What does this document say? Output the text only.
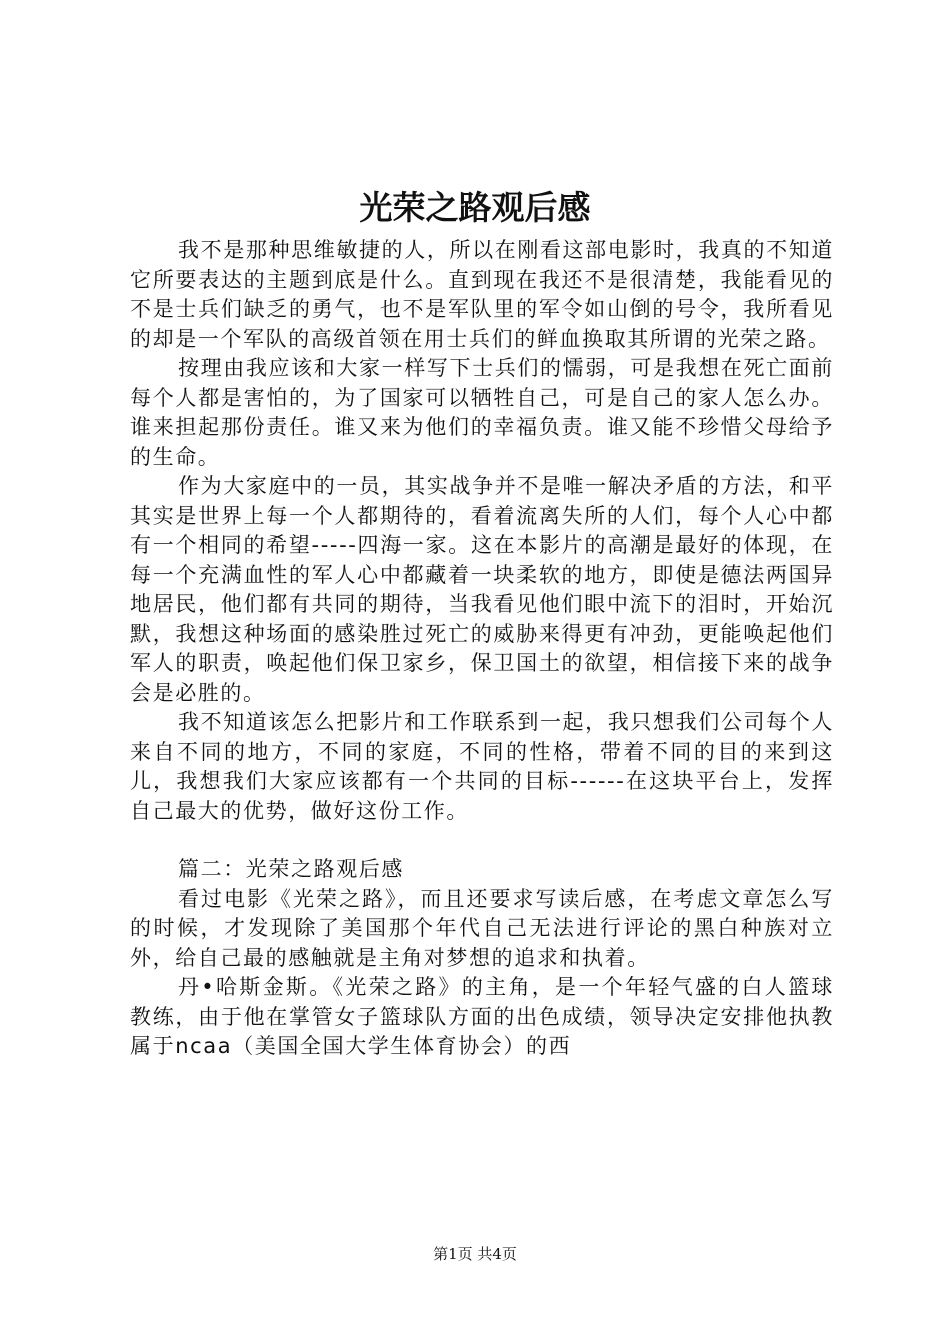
光荣之路观后感

我不是那种思维敏捷的人，所以在刚看这部电影时，我真的不知道它所要表达的主题到底是什么。直到现在我还不是很清楚，我能看见的不是士兵们缺乏的勇气，也不是军队里的军令如山倒的号令，我所看见的却是一个军队的高级首领在用士兵们的鲜血换取其所谓的光荣之路。

按理由我应该和大家一样写下士兵们的懦弱，可是我想在死亡面前每个人都是害怕的，为了国家可以牺牲自己，可是自己的家人怎么办。谁来担起那份责任。谁又来为他们的幸福负责。谁又能不珍惜父母给予的生命。

作为大家庭中的一员，其实战争并不是唯一解决矛盾的方法，和平其实是世界上每一个人都期待的，看着流离失所的人们，每个人心中都有一个相同的希望-----四海一家。这在本影片的高潮是最好的体现，在每一个充满血性的军人心中都藏着一块柔软的地方，即使是德法两国异地居民，他们都有共同的期待，当我看见他们眼中流下的泪时，开始沉默，我想这种场面的感染胜过死亡的威胁来得更有冲劲，更能唤起他们军人的职责，唤起他们保卫家乡，保卫国土的欲望，相信接下来的战争会是必胜的。

我不知道该怎么把影片和工作联系到一起，我只想我们公司每个人来自不同的地方，不同的家庭，不同的性格，带着不同的目的来到这儿，我想我们大家应该都有一个共同的目标------在这块平台上，发挥自己最大的优势，做好这份工作。

篇二：光荣之路观后感

看过电影《光荣之路》，而且还要求写读后感，在考虑文章怎么写的时候，才发现除了美国那个年代自己无法进行评论的黑白种族对立外，给自己最的感触就是主角对梦想的追求和执着。

丹•哈斯金斯。《光荣之路》的主角，是一个年轻气盛的白人篮球教练，由于他在掌管女子篮球队方面的出色成绩，领导决定安排他执教属于ncaa（美国全国大学生体育协会）的西

第1页 共4页
